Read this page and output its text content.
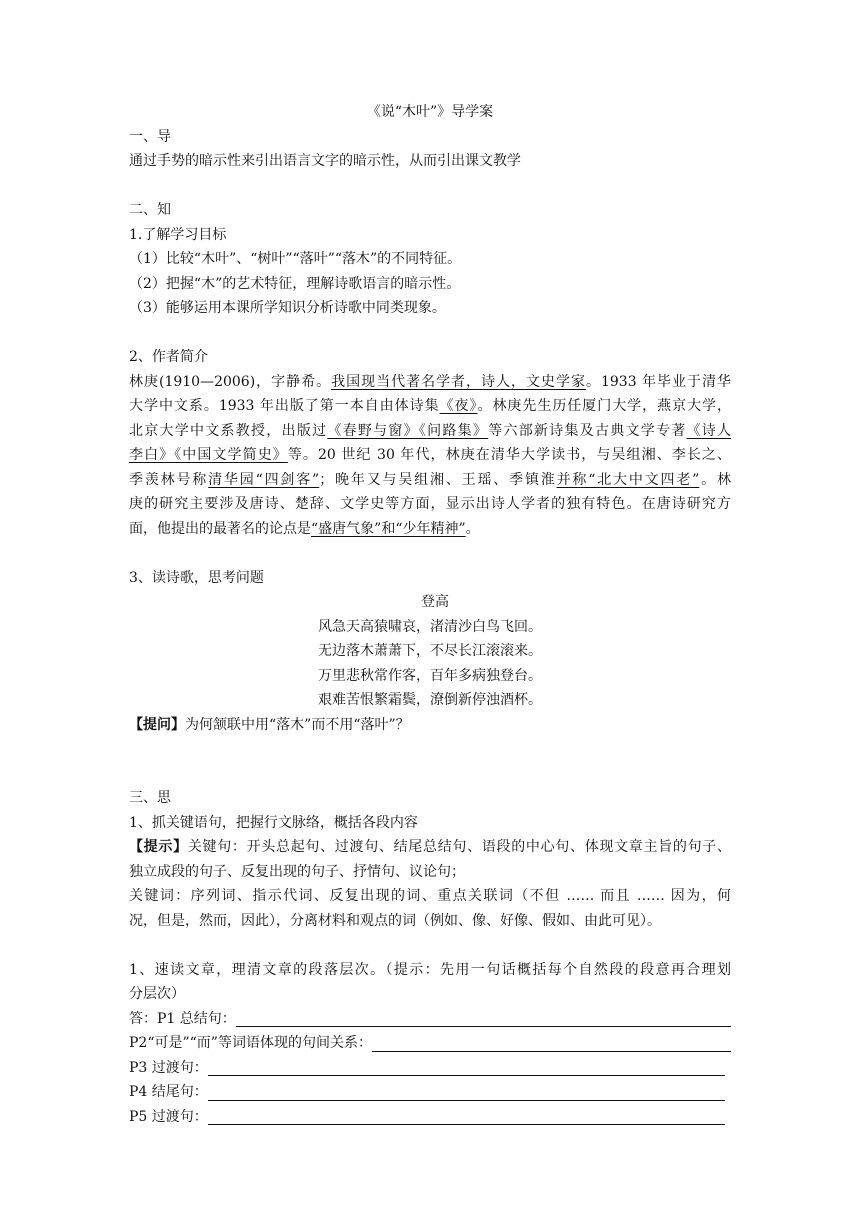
《说“木叶”》导学案
一、导
通过手势的暗示性来引出语言文字的暗示性，从而引出课文教学
二、知
1.了解学习目标
（1）比较“木叶”、“树叶”“落叶”“落木”的不同特征。
（2）把握“木”的艺术特征，理解诗歌语言的暗示性。
（3）能够运用本课所学知识分析诗歌中同类现象。
2、作者简介
林庚(1910—2006)，字静希。我国现当代著名学者，诗人，文史学家。1933 年毕业于清华
大学中文系。1933 年出版了第一本自由体诗集《夜》。林庚先生历任厦门大学，燕京大学，
北京大学中文系教授，出版过《春野与窗》《问路集》等六部新诗集及古典文学专著《诗人
李白》《中国文学简史》等。20 世纪 30 年代，林庚在清华大学读书，与吴组湘、李长之、
季羡林号称清华园“四剑客”；晚年又与吴组湘、王瑶、季镇淮并称“北大中文四老”。林
庚的研究主要涉及唐诗、楚辞、文学史等方面，显示出诗人学者的独有特色。在唐诗研究方
面，他提出的最著名的论点是“盛唐气象”和“少年精神”。
3、读诗歌，思考问题
登高
风急天高猿啸哀，渚清沙白鸟飞回。
无边落木萧萧下，不尽长江滚滚来。
万里悲秋常作客，百年多病独登台。
艰难苦恨繁霜鬓，潦倒新停浊酒杯。
【提问】为何颔联中用“落木”而不用“落叶”？
三、思
1、抓关键语句，把握行文脉络，概括各段内容
【提示】关键句：开头总起句、过渡句、结尾总结句、语段的中心句、体现文章主旨的句子、
独立成段的句子、反复出现的句子、抒情句、议论句；
关键词：序列词、指示代词、反复出现的词、重点关联词（不但 …… 而且 …… 因为，何
况，但是，然而，因此），分离材料和观点的词（例如、像、好像、假如、由此可见）。
1、速读文章，理清文章的段落层次。（提示：先用一句话概括每个自然段的段意再合理划
分层次）
答：P1 总结句：
P2“可是”“而”等词语体现的句间关系：
P3 过渡句：
P4 结尾句：
P5 过渡句：
